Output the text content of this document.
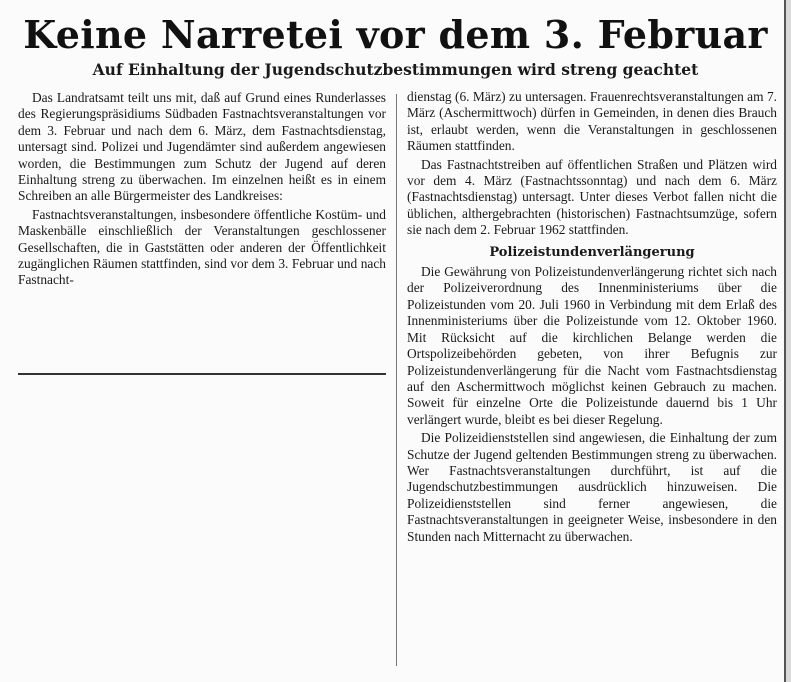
Keine Narretei vor dem 3. Februar
Auf Einhaltung der Jugendschutzbestimmungen wird streng geachtet

Das Landratsamt teilt uns mit, daß auf Grund eines Runderlasses des Regierungspräsidiums Südbaden Fastnachtsveranstaltungen vor dem 3. Februar und nach dem 6. März, dem Fastnachtsdienstag, untersagt sind. Polizei und Jugendämter sind außerdem angewiesen worden, die Bestimmungen zum Schutz der Jugend auf deren Einhaltung streng zu überwachen. Im einzelnen heißt es in einem Schreiben an alle Bürgermeister des Landkreises:

Fastnachtsveranstaltungen, insbesondere öffentliche Kostüm- und Maskenbälle einschließlich der Veranstaltungen geschlossener Gesellschaften, die in Gaststätten oder anderen der Öffentlichkeit zugänglichen Räumen stattfinden, sind vor dem 3. Februar und nach Fastnacht-

dienstag (6. März) zu untersagen. Frauenrechtsveranstaltungen am 7. März (Aschermittwoch) dürfen in Gemeinden, in denen dies Brauch ist, erlaubt werden, wenn die Veranstaltungen in geschlossenen Räumen stattfinden.

Das Fastnachtstreiben auf öffentlichen Straßen und Plätzen wird vor dem 4. März (Fastnachtssonntag) und nach dem 6. März (Fastnachtsdienstag) untersagt. Unter dieses Verbot fallen nicht die üblichen, althergebrachten (historischen) Fastnachtsumzüge, sofern sie nach dem 2. Februar 1962 stattfinden.

Polizeistundenverlängerung

Die Gewährung von Polizeistundenverlängerung richtet sich nach der Polizeiverordnung des Innenministeriums über die Polizeistunden vom 20. Juli 1960 in Verbindung mit dem Erlaß des Innenministeriums über die Polizeistunde vom 12. Oktober 1960. Mit Rücksicht auf die kirchlichen Belange werden die Ortspolizeibehörden gebeten, von ihrer Befugnis zur Polizeistundenverlängerung für die Nacht vom Fastnachtsdienstag auf den Aschermittwoch möglichst keinen Gebrauch zu machen. Soweit für einzelne Orte die Polizeistunde dauernd bis 1 Uhr verlängert wurde, bleibt es bei dieser Regelung.

Die Polizeidienststellen sind angewiesen, die Einhaltung der zum Schutze der Jugend geltenden Bestimmungen streng zu überwachen. Wer Fastnachtsveranstaltungen durchführt, ist auf die Jugendschutzbestimmungen ausdrücklich hinzuweisen. Die Polizeidienststellen sind ferner angewiesen, die Fastnachtsveranstaltungen in geeigneter Weise, insbesondere in den Stunden nach Mitternacht zu überwachen.
